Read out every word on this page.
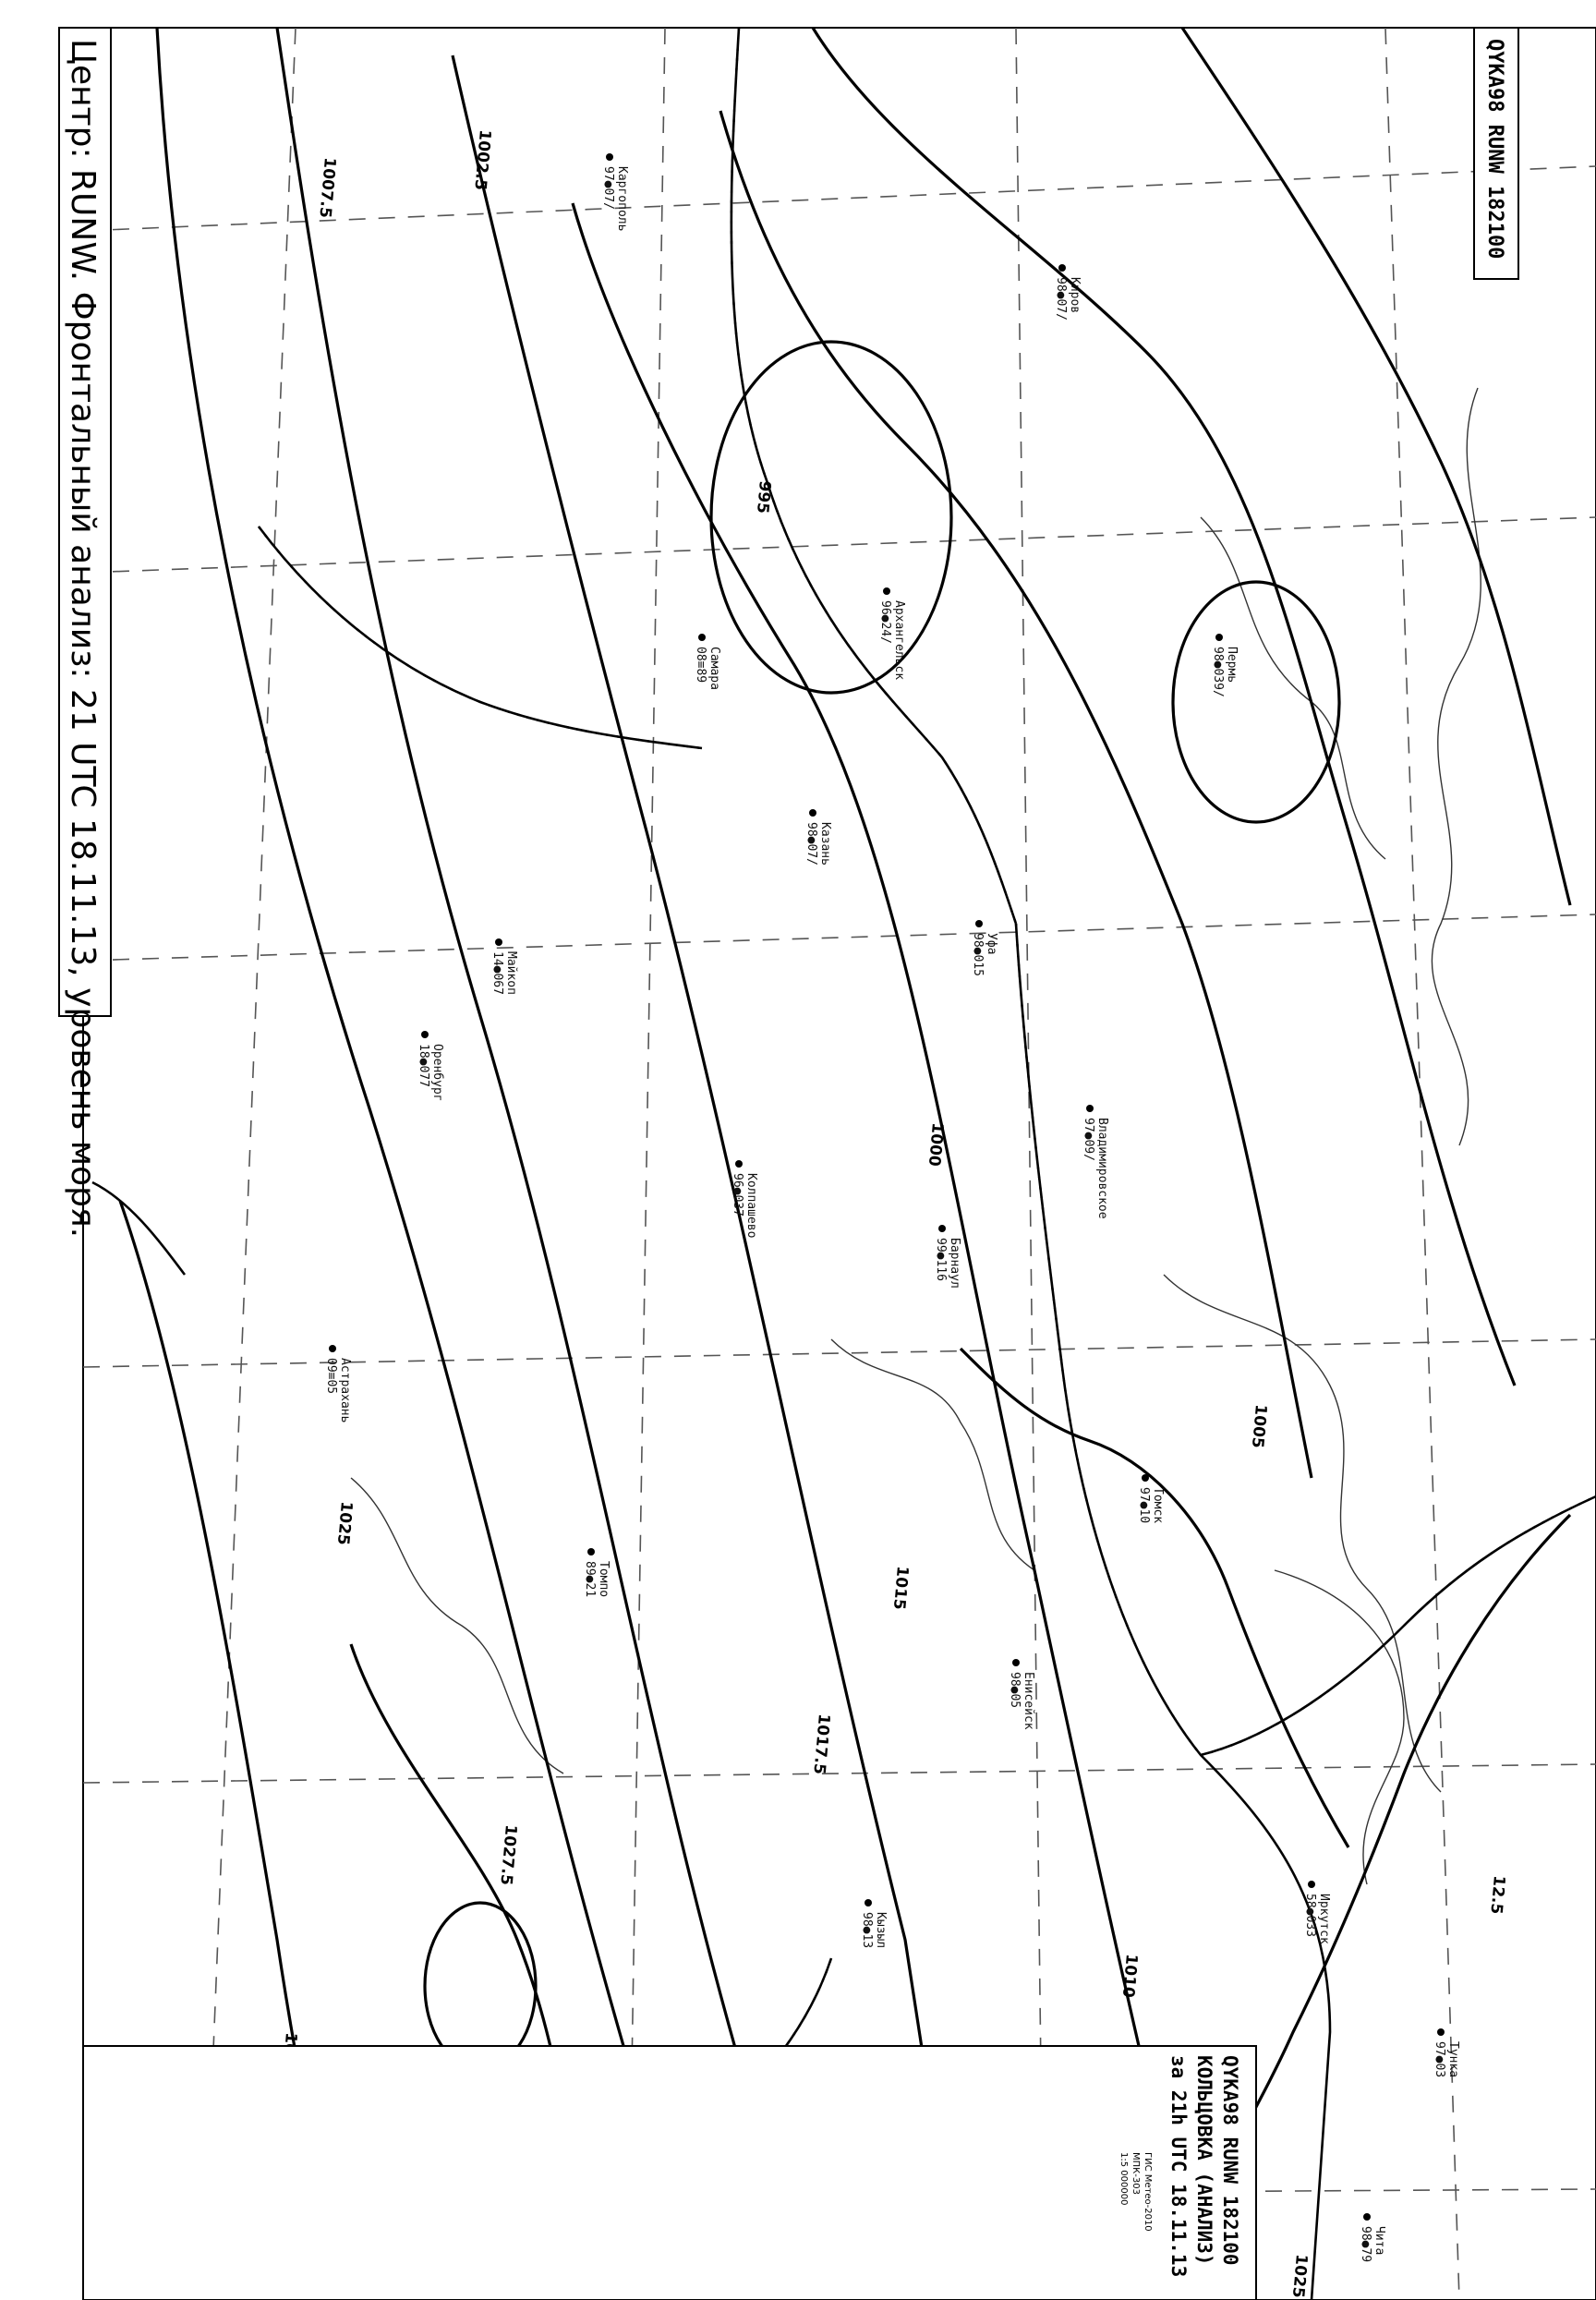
Киров
98●07/
Пермь
98●039/
Каргополь
97●07/
Самара
08≡89
Оренбург
18●077
Астрахань
09≡05
Барнаул
99●116
Иркутск
58●033
Тунка
97●03
Кызыл
98●13
Майкоп
14●067
Архангельск
96●24/
Казань
98●07/
Уфа
98●015
Владимировское
97●09/
Колпашево
96●037
Томск
97●10
Енисейск
98●05
Томпо
89●21
Чита
98●79
1002.5
1007.5
995
1000
1005
1015
1017.5
1010
1025
1027.5
1025
12.5
Центр: RUNW. Фронтальный анализ: 21 UTC 18.11.13, уровень моря.	QYKA98 RUNW 182100
QYKA98 RUNW 182100
КОЛЬЦОВКА (АНАЛИЗ)
за 21h UTC 18.11.13
ГИС Метео-2010
МПК-303
1:5 000000
